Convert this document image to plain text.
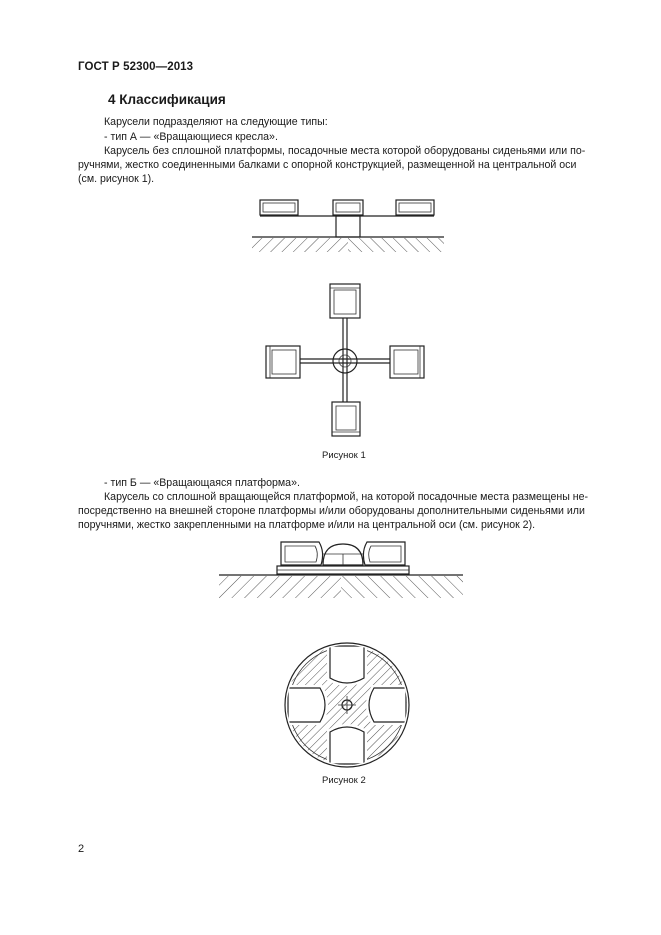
ГОСТ Р 52300—2013
4 Классификация
Карусели подразделяют на следующие типы:
- тип А — «Вращающиеся кресла».
Карусель без сплошной платформы, посадочные места которой оборудованы сиденьями или по-
ручнями, жестко соединенными балками с опорной конструкцией, размещенной на центральной оси
(см. рисунок 1).
Рисунок 1
- тип Б — «Вращающаяся платформа».
Карусель со сплошной вращающейся платформой, на которой посадочные места размещены не-
посредственно на внешней стороне платформы и/или оборудованы дополнительными сиденьями или
поручнями, жестко закрепленными на платформе и/или на центральной оси (см. рисунок 2).
Рисунок 2
2
